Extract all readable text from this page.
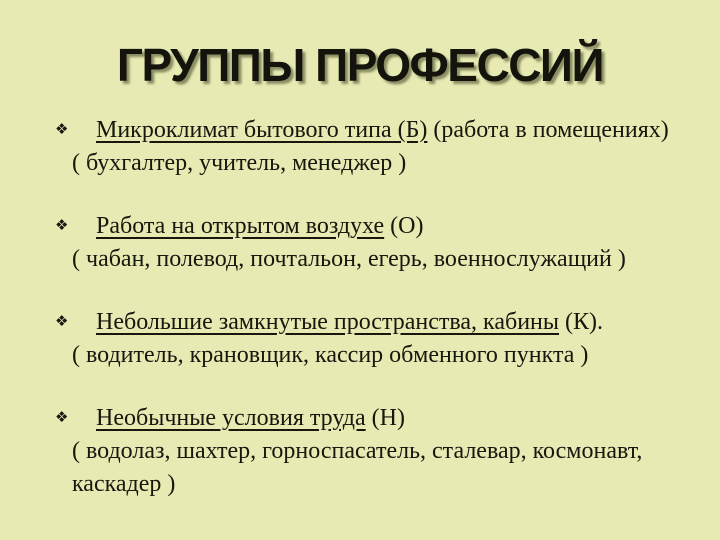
ГРУППЫ ПРОФЕССИЙ
❖	Микроклимат бытового типа (Б) (работа в помещениях)
( бухгалтер, учитель, менеджер )
❖	Работа на открытом воздухе (О)
( чабан, полевод, почтальон, егерь, военнослужащий )
❖	Небольшие замкнутые пространства, кабины (К).
( водитель, крановщик, кассир обменного пункта )
❖	Необычные условия труда (Н)
( водолаз, шахтер, горноспасатель, сталевар, космонавт, каскадер )
